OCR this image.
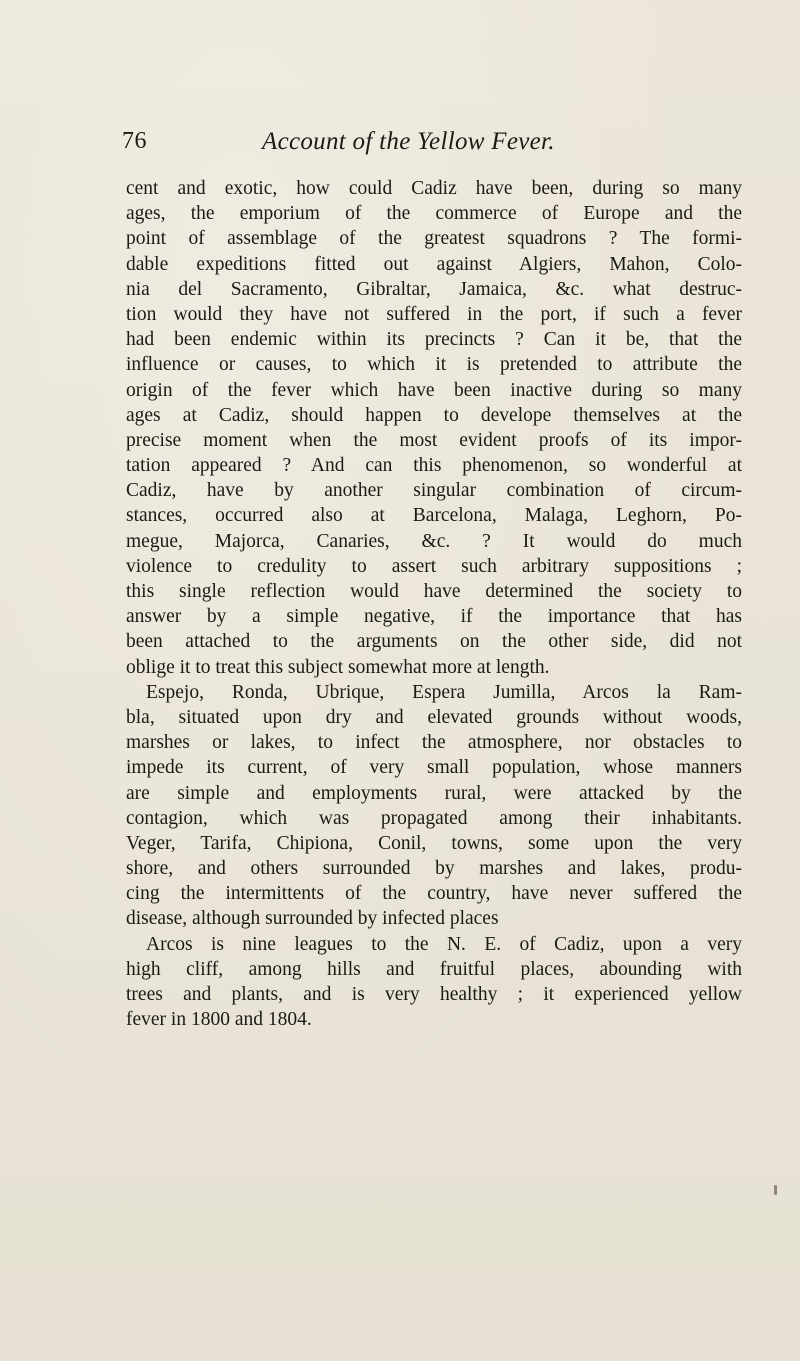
76	Account of the Yellow Fever.
cent and exotic, how could Cadiz have been, during so many
ages, the emporium of the commerce of Europe and the
point of assemblage of the greatest squadrons ? The formi-
dable expeditions fitted out against Algiers, Mahon, Colo-
nia del Sacramento, Gibraltar, Jamaica, &c. what destruc-
tion would they have not suffered in the port, if such a fever
had been endemic within its precincts ? Can it be, that the
influence or causes, to which it is pretended to attribute the
origin of the fever which have been inactive during so many
ages at Cadiz, should happen to develope themselves at the
precise moment when the most evident proofs of its impor-
tation appeared ? And can this phenomenon, so wonderful at
Cadiz, have by another singular combination of circum-
stances, occurred also at Barcelona, Malaga, Leghorn, Po-
megue, Majorca, Canaries, &c. ? It would do much
violence to credulity to assert such arbitrary suppositions ;
this single reflection would have determined the society to
answer by a simple negative, if the importance that has
been attached to the arguments on the other side, did not
oblige it to treat this subject somewhat more at length.
Espejo, Ronda, Ubrique, Espera Jumilla, Arcos la Ram-
bla, situated upon dry and elevated grounds without woods,
marshes or lakes, to infect the atmosphere, nor obstacles to
impede its current, of very small population, whose manners
are simple and employments rural, were attacked by the
contagion, which was propagated among their inhabitants.
Veger, Tarifa, Chipiona, Conil, towns, some upon the very
shore, and others surrounded by marshes and lakes, produ-
cing the intermittents of the country, have never suffered the
disease, although surrounded by infected places
Arcos is nine leagues to the N. E. of Cadiz, upon a very
high cliff, among hills and fruitful places, abounding with
trees and plants, and is very healthy ; it experienced yellow
fever in 1800 and 1804.
